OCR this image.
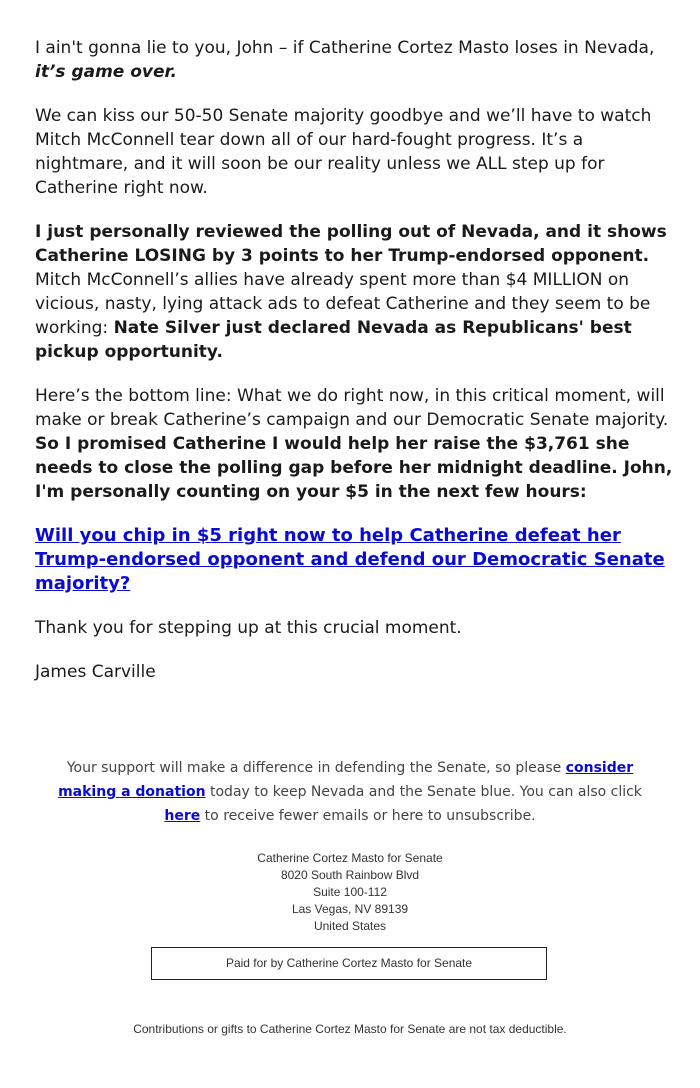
I ain't gonna lie to you, John – if Catherine Cortez Masto loses in Nevada, it’s game over.

We can kiss our 50-50 Senate majority goodbye and we’ll have to watch Mitch McConnell tear down all of our hard-fought progress. It’s a nightmare, and it will soon be our reality unless we ALL step up for Catherine right now.

I just personally reviewed the polling out of Nevada, and it shows Catherine LOSING by 3 points to her Trump-endorsed opponent. Mitch McConnell’s allies have already spent more than $4 MILLION on vicious, nasty, lying attack ads to defeat Catherine and they seem to be working: Nate Silver just declared Nevada as Republicans' best pickup opportunity.

Here’s the bottom line: What we do right now, in this critical moment, will make or break Catherine’s campaign and our Democratic Senate majority. So I promised Catherine I would help her raise the $3,761 she needs to close the polling gap before her midnight deadline. John, I'm personally counting on your $5 in the next few hours:

Will you chip in $5 right now to help Catherine defeat her Trump-endorsed opponent and defend our Democratic Senate majority?

Thank you for stepping up at this crucial moment.

James Carville

Your support will make a difference in defending the Senate, so please consider making a donation today to keep Nevada and the Senate blue. You can also click here to receive fewer emails or here to unsubscribe.
Catherine Cortez Masto for Senate
8020 South Rainbow Blvd
Suite 100-112
Las Vegas, NV 89139
United States
Paid for by Catherine Cortez Masto for Senate
Contributions or gifts to Catherine Cortez Masto for Senate are not tax deductible.
